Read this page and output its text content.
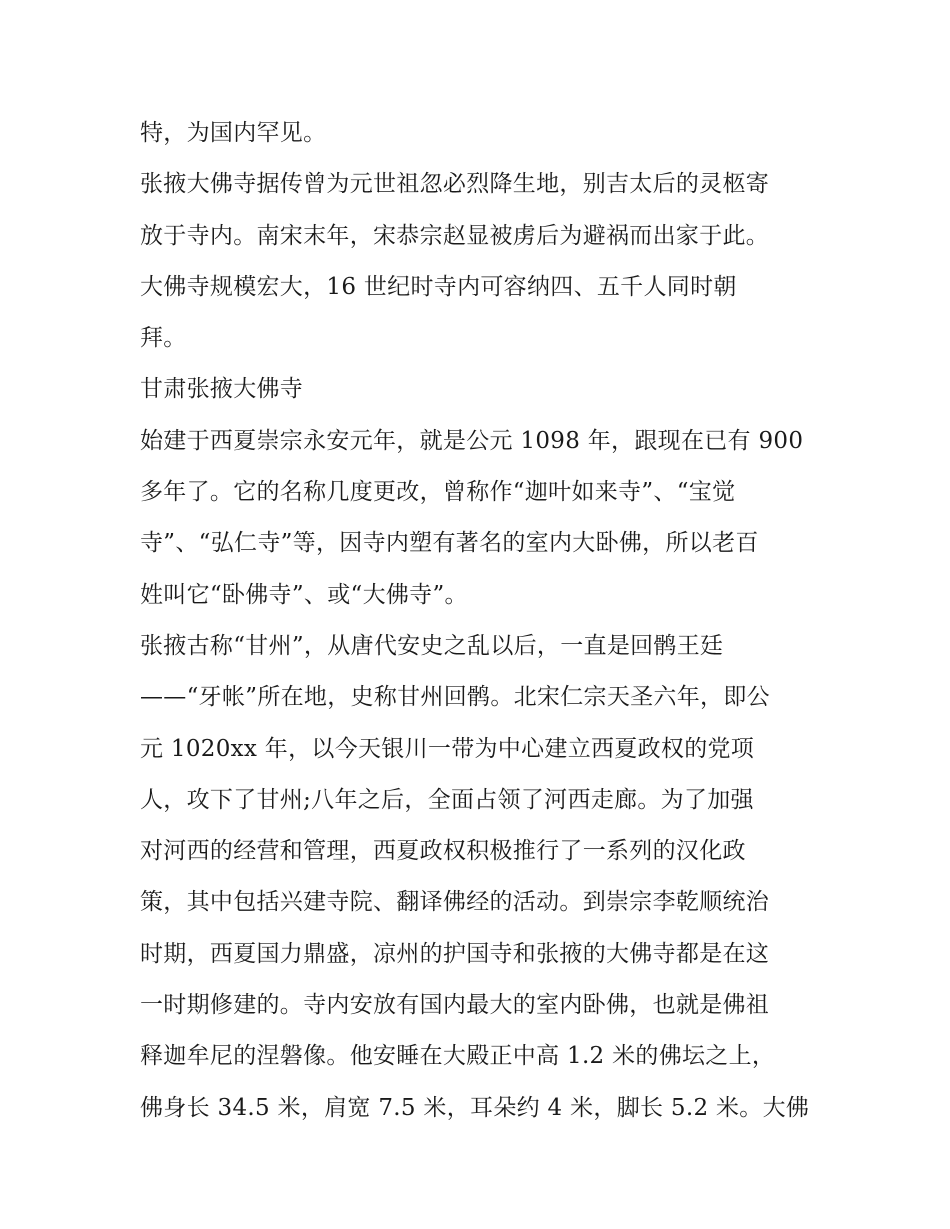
特，为国内罕见。
张掖大佛寺据传曾为元世祖忽必烈降生地，别吉太后的灵柩寄
放于寺内。南宋末年，宋恭宗赵显被虏后为避祸而出家于此。
大佛寺规模宏大，16 世纪时寺内可容纳四、五千人同时朝
拜。
甘肃张掖大佛寺
始建于西夏崇宗永安元年，就是公元 1098 年，跟现在已有 900
多年了。它的名称几度更改，曾称作“迦叶如来寺”、“宝觉
寺”、“弘仁寺”等，因寺内塑有著名的室内大卧佛，所以老百
姓叫它“卧佛寺”、或“大佛寺”。
张掖古称“甘州”，从唐代安史之乱以后，一直是回鹘王廷
——“牙帐”所在地，史称甘州回鹘。北宋仁宗天圣六年，即公
元 1020xx 年，以今天银川一带为中心建立西夏政权的党项
人，攻下了甘州;八年之后，全面占领了河西走廊。为了加强
对河西的经营和管理，西夏政权积极推行了一系列的汉化政
策，其中包括兴建寺院、翻译佛经的活动。到崇宗李乾顺统治
时期，西夏国力鼎盛，凉州的护国寺和张掖的大佛寺都是在这
一时期修建的。寺内安放有国内最大的室内卧佛，也就是佛祖
释迦牟尼的涅磐像。他安睡在大殿正中高 1.2 米的佛坛之上，
佛身长 34.5 米，肩宽 7.5 米，耳朵约 4 米，脚长 5.2 米。大佛
